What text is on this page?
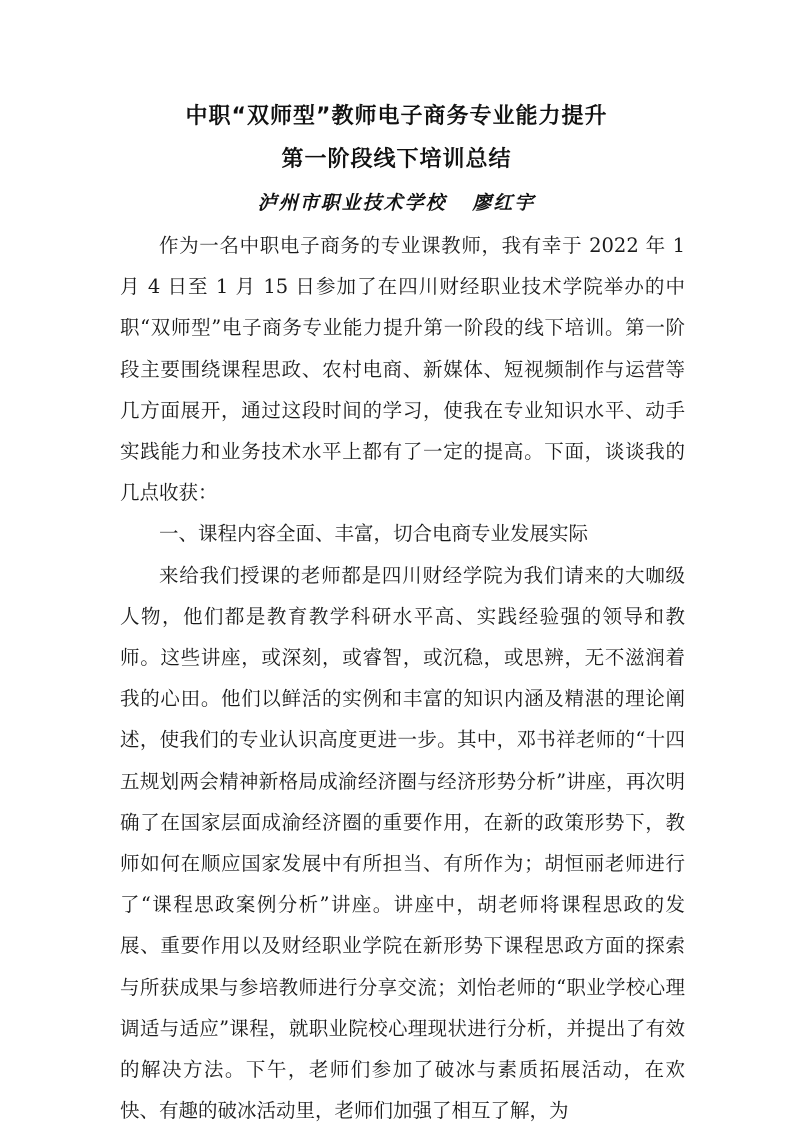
中职“双师型”教师电子商务专业能力提升
第一阶段线下培训总结
泸州市职业技术学校   廖红宇

作为一名中职电子商务的专业课教师，我有幸于 2022 年 1 月 4 日至 1 月 15 日参加了在四川财经职业技术学院举办的中职“双师型”电子商务专业能力提升第一阶段的线下培训。第一阶段主要围绕课程思政、农村电商、新媒体、短视频制作与运营等几方面展开，通过这段时间的学习，使我在专业知识水平、动手实践能力和业务技术水平上都有了一定的提高。下面，谈谈我的几点收获：

一、课程内容全面、丰富，切合电商专业发展实际

来给我们授课的老师都是四川财经学院为我们请来的大咖级人物，他们都是教育教学科研水平高、实践经验强的领导和教师。这些讲座，或深刻，或睿智，或沉稳，或思辨，无不滋润着我的心田。他们以鲜活的实例和丰富的知识内涵及精湛的理论阐述，使我们的专业认识高度更进一步。其中，邓书祥老师的“十四五规划两会精神新格局成渝经济圈与经济形势分析”讲座，再次明确了在国家层面成渝经济圈的重要作用，在新的政策形势下，教师如何在顺应国家发展中有所担当、有所作为；胡恒丽老师进行了“课程思政案例分析”讲座。讲座中，胡老师将课程思政的发展、重要作用以及财经职业学院在新形势下课程思政方面的探索与所获成果与参培教师进行分享交流；刘怡老师的“职业学校心理调适与适应”课程，就职业院校心理现状进行分析，并提出了有效的解决方法。下午，老师们参加了破冰与素质拓展活动，在欢快、有趣的破冰活动里，老师们加强了相互了解，为
